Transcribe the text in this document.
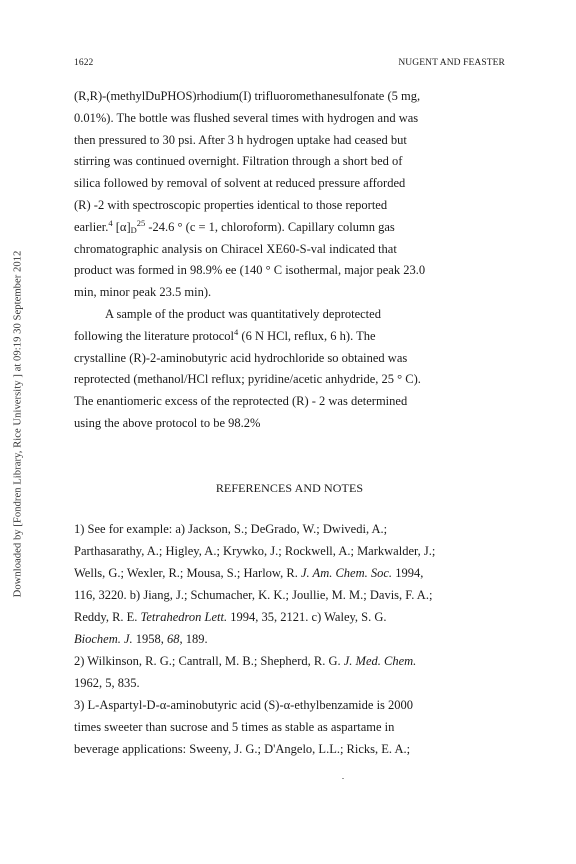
Downloaded by [Fondren Library, Rice University ] at 09:19 30 September 2012
1622	NUGENT AND FEASTER
(R,R)-(methylDuPHOS)rhodium(I) trifluoromethanesulfonate (5 mg,
0.01%). The bottle was flushed several times with hydrogen and was
then pressured to 30 psi. After 3 h hydrogen uptake had ceased but
stirring was continued overnight. Filtration through a short bed of
silica followed by removal of solvent at reduced pressure afforded
(R) -2 with spectroscopic properties identical to those reported
earlier.$^4$ $[\alpha]_D^{25}$ -24.6 ° (c = 1, chloroform). Capillary column gas
chromatographic analysis on Chiracel XE60-S-val indicated that
product was formed in 98.9% ee (140 ° C isothermal, major peak 23.0
min, minor peak 23.5 min).
A sample of the product was quantitatively deprotected
following the literature protocol$^4$ (6 N HCl, reflux, 6 h). The
crystalline (R)-2-aminobutyric acid hydrochloride so obtained was
reprotected (methanol/HCl reflux; pyridine/acetic anhydride, 25 ° C).
The enantiomeric excess of the reprotected (R) - 2 was determined
using the above protocol to be 98.2%
REFERENCES AND NOTES
1) See for example: a) Jackson, S.; DeGrado, W.; Dwivedi, A.;
Parthasarathy, A.; Higley, A.; Krywko, J.; Rockwell, A.; Markwalder, J.;
Wells, G.; Wexler, R.; Mousa, S.; Harlow, R. J. Am. Chem. Soc. 1994,
116, 3220. b) Jiang, J.; Schumacher, K. K.; Joullie, M. M.; Davis, F. A.;
Reddy, R. E. Tetrahedron Lett. 1994, 35, 2121. c) Waley, S. G.
Biochem. J. 1958, 68, 189.
2) Wilkinson, R. G.; Cantrall, M. B.; Shepherd, R. G. J. Med. Chem.
1962, 5, 835.
3) L-Aspartyl-D-α-aminobutyric acid (S)-α-ethylbenzamide is 2000
times sweeter than sucrose and 5 times as stable as aspartame in
beverage applications: Sweeny, J. G.; D'Angelo, L.L.; Ricks, E. A.;
